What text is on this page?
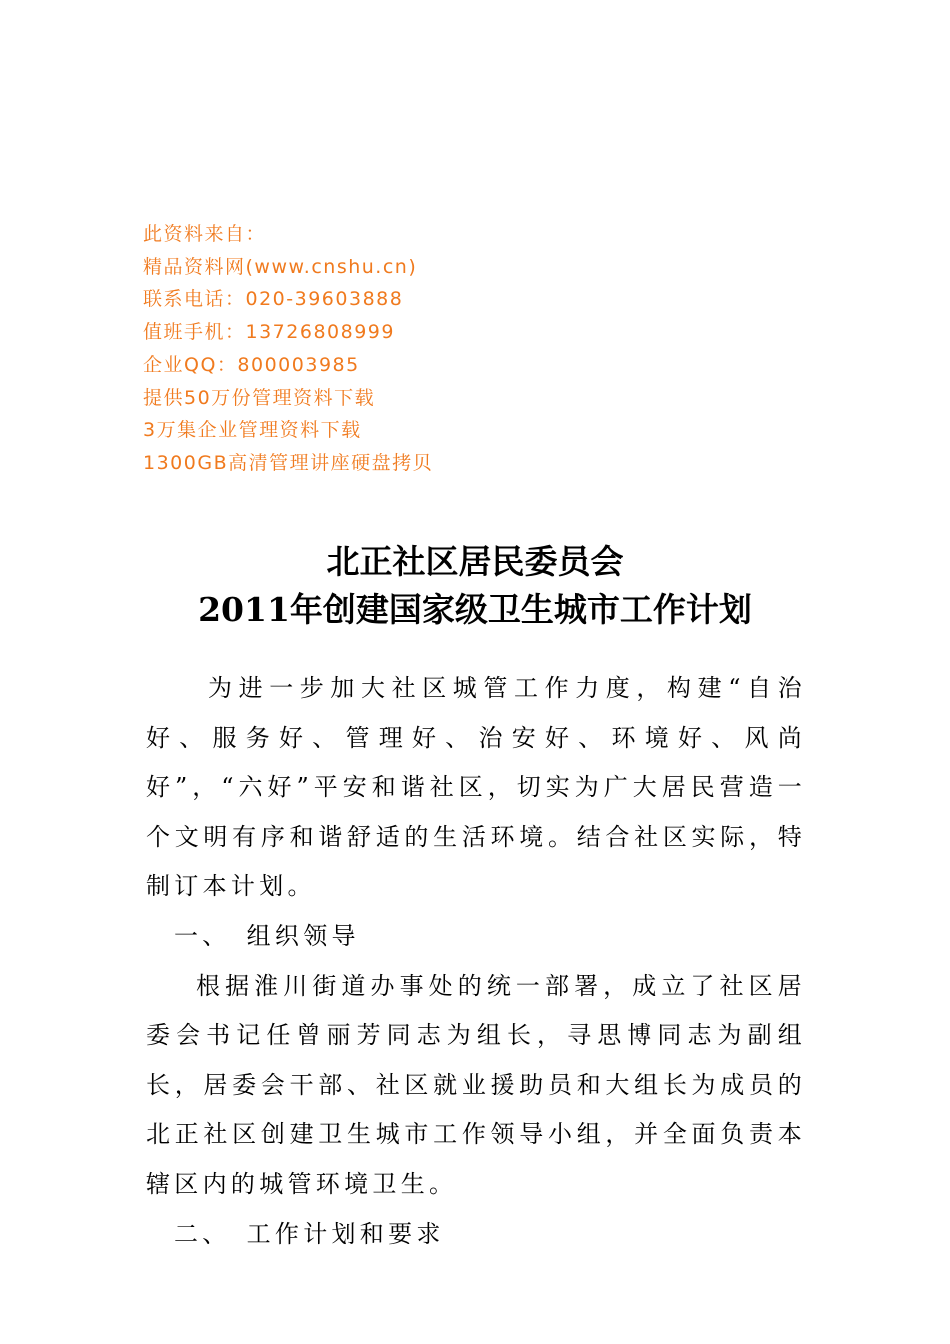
此资料来自：
精品资料网(www.cnshu.cn)
联系电话：020-39603888
值班手机：13726808999
企业QQ：800003985
提供50万份管理资料下载
3万集企业管理资料下载
1300GB高清管理讲座硬盘拷贝
北正社区居民委员会
2011年创建国家级卫生城市工作计划

为进一步加大社区城管工作力度，构建“自治好、服务好、管理好、治安好、环境好、风尚好”，“六好”平安和谐社区，切实为广大居民营造一个文明有序和谐舒适的生活环境。结合社区实际，特制订本计划。

一、 组织领导

根据淮川街道办事处的统一部署，成立了社区居委会书记任曾丽芳同志为组长，寻思博同志为副组长，居委会干部、社区就业援助员和大组长为成员的北正社区创建卫生城市工作领导小组，并全面负责本辖区内的城管环境卫生。

二、 工作计划和要求
